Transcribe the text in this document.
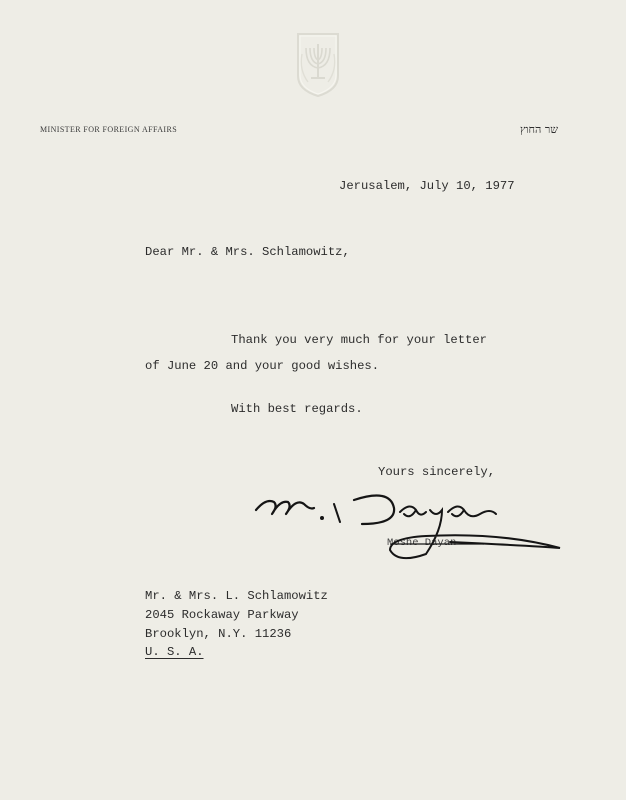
MINISTER FOR FOREIGN AFFAIRS	שר החוץ
Jerusalem, July 10, 1977
Dear Mr. & Mrs. Schlamowitz,
Thank you very much for your letter
of June 20 and your good wishes.
With best regards.
Yours sincerely,
Moshe Dayan
Mr. & Mrs. L. Schlamowitz
2045 Rockaway Parkway
Brooklyn, N.Y. 11236
U. S. A.
